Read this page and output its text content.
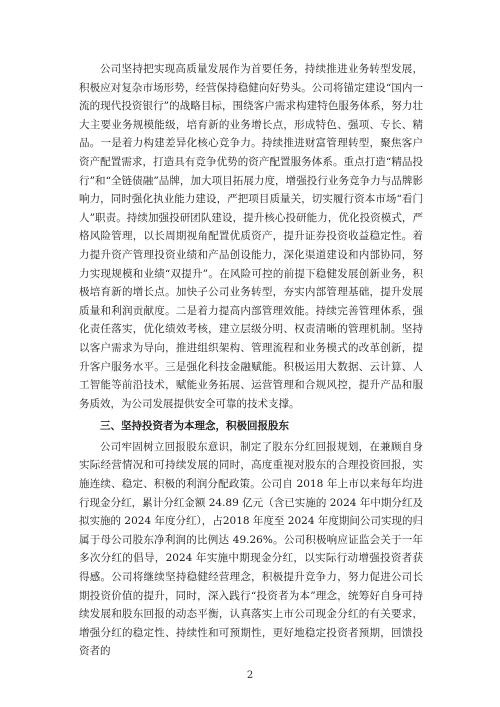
公司坚持把实现高质量发展作为首要任务，持续推进业务转型发展，积极应对复杂市场形势，经营保持稳健向好势头。公司将锚定建设“国内一流的现代投资银行”的战略目标，围绕客户需求构建特色服务体系，努力壮大主要业务规模能级，培育新的业务增长点，形成特色、强项、专长、精品。一是着力构建差异化核心竞争力。持续推进财富管理转型，聚焦客户资产配置需求，打造具有竞争优势的资产配置服务体系。重点打造“精品投行”和“全链债融”品牌，加大项目拓展力度，增强投行业务竞争力与品牌影响力，同时强化执业能力建设，严把项目质量关，切实履行资本市场“看门人”职责。持续加强投研团队建设，提升核心投研能力，优化投资模式，严格风险管理，以长周期视角配置优质资产，提升证券投资收益稳定性。着力提升资产管理投资业绩和产品创设能力，深化渠道建设和内部协同，努力实现规模和业绩“双提升”。在风险可控的前提下稳健发展创新业务，积极培育新的增长点。加快子公司业务转型，夯实内部管理基础，提升发展质量和利润贡献度。二是着力提高内部管理效能。持续完善管理体系，强化责任落实，优化绩效考核，建立层级分明、权责清晰的管理机制。坚持以客户需求为导向，推进组织架构、管理流程和业务模式的改革创新，提升客户服务水平。三是强化科技金融赋能。积极运用大数据、云计算、人工智能等前沿技术，赋能业务拓展、运营管理和合规风控，提升产品和服务质效，为公司发展提供安全可靠的技术支撑。

三、坚持投资者为本理念，积极回报股东

公司牢固树立回报股东意识，制定了股东分红回报规划，在兼顾自身实际经营情况和可持续发展的同时，高度重视对股东的合理投资回报，实施连续、稳定、积极的利润分配政策。公司自 2018 年上市以来每年均进行现金分红，累计分红金额 24.89 亿元（含已实施的 2024 年中期分红及拟实施的 2024 年度分红），占2018 年度至 2024 年度期间公司实现的归属于母公司股东净利润的比例达 49.26%。公司积极响应证监会关于一年多次分红的倡导，2024 年实施中期现金分红，以实际行动增强投资者获得感。公司将继续坚持稳健经营理念，积极提升竞争力，努力促进公司长期投资价值的提升，同时，深入践行“投资者为本”理念，统筹好自身可持续发展和股东回报的动态平衡，认真落实上市公司现金分红的有关要求，增强分红的稳定性、持续性和可预期性，更好地稳定投资者预期，回馈投资者的

2
